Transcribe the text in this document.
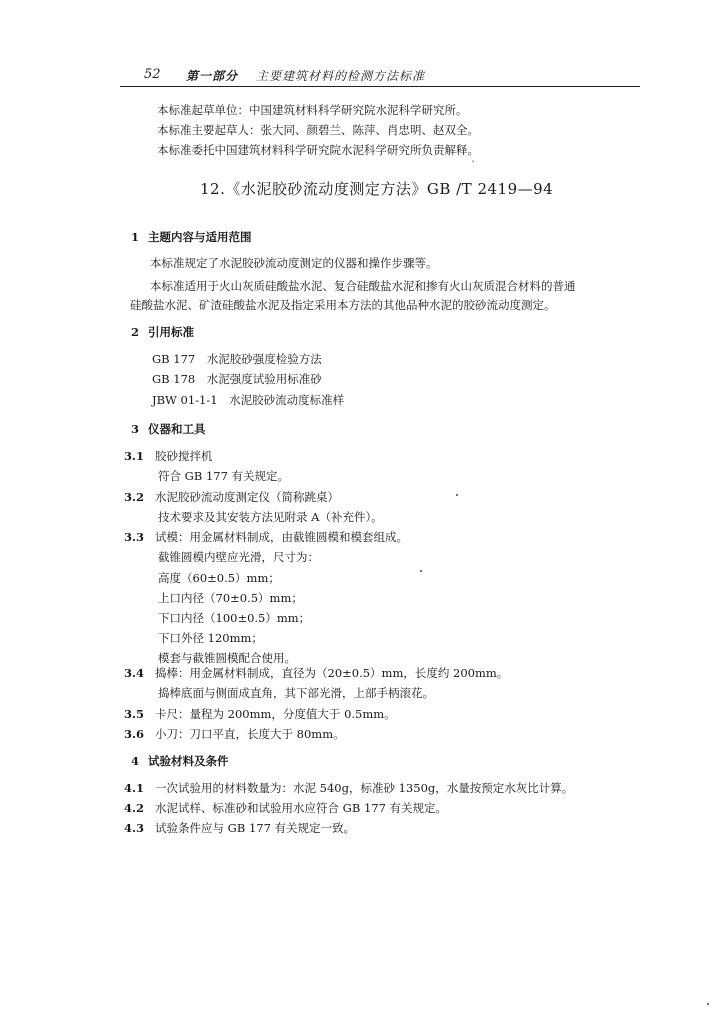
52 第一部分 主要建筑材料的检测方法标准
本标准起草单位：中国建筑材料科学研究院水泥科学研究所。
本标准主要起草人：张大同、颜碧兰、陈萍、肖忠明、赵双全。
本标准委托中国建筑材料科学研究院水泥科学研究所负责解释。
′
12.《水泥胶砂流动度测定方法》GB /T 2419—94
1 主题内容与适用范围
本标准规定了水泥胶砂流动度测定的仪器和操作步骤等。
本标准适用于火山灰质硅酸盐水泥、复合硅酸盐水泥和掺有火山灰质混合材料的普通
硅酸盐水泥、矿渣硅酸盐水泥及指定采用本方法的其他品种水泥的胶砂流动度测定。
2 引用标准
GB 177　水泥胶砂强度检验方法
GB 178　水泥强度试验用标准砂
JBW 01-1-1　水泥胶砂流动度标准样
3 仪器和工具
3.1 胶砂搅拌机
符合 GB 177 有关规定。
3.2 水泥胶砂流动度测定仪（简称跳桌）
技术要求及其安装方法见附录 A（补充件）。
3.3 试模：用金属材料制成，由截锥圆模和模套组成。
截锥圆模内壁应光滑，尺寸为：
高度（60±0.5）mm；
上口内径（70±0.5）mm；
下口内径（100±0.5）mm；
下口外径 120mm；
模套与截锥圆模配合使用。
3.4 捣棒：用金属材料制成，直径为（20±0.5）mm，长度约 200mm。
捣棒底面与侧面成直角，其下部光滑，上部手柄滚花。
3.5 卡尺：量程为 200mm，分度值大于 0.5mm。
3.6 小刀：刀口平直，长度大于 80mm。
4 试验材料及条件
4.1 一次试验用的材料数量为：水泥 540g，标准砂 1350g，水量按预定水灰比计算。
4.2 水泥试样、标准砂和试验用水应符合 GB 177 有关规定。
4.3 试验条件应与 GB 177 有关规定一致。
